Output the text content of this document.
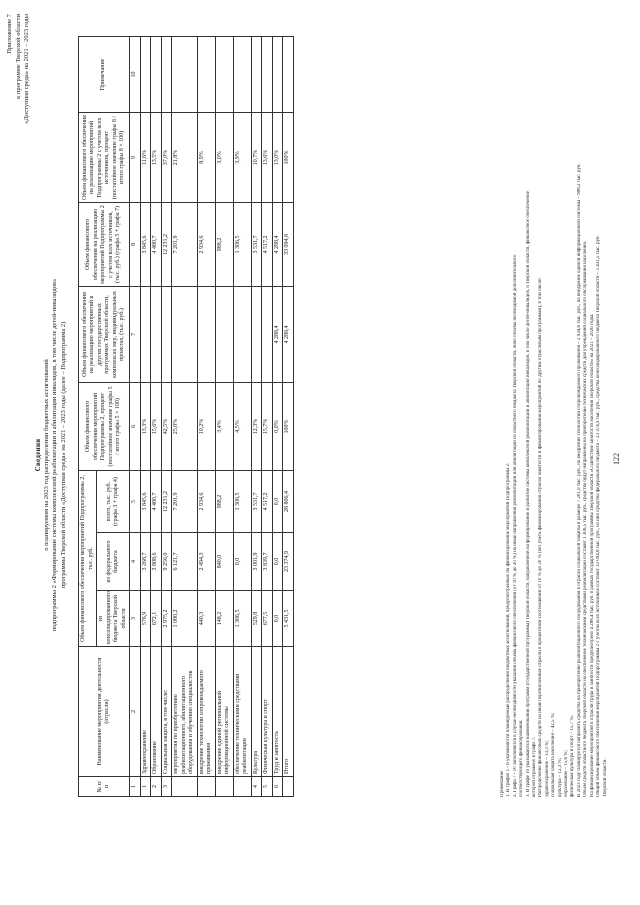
122
Приложение 7 к программе Тверской области «Доступная среда» на 2021 – 2023 годы
Сведения о планируемом на 2023 год распределении бюджетных ассигнований подпрограммы 2 «Формирование системы комплексной реабилитации и абилитации инвалидов, в том числе детей-инвалидов» программы Тверской области «Доступная среда» на 2021 – 2023 годы (далее – Подпрограмма 2)
№ п/п	Наименование мероприятия деятельности (отрасли)	Объем финансового обеспечения мероприятий Подпрограммы 2, тыс. руб.			Объем финансового обеспечения мероприятий Подпрограммы 2, процент (постатейное значение графы 5 / итого графы 5 × 100)	Объем финансового обеспечения на реализацию мероприятий в других государственных программах Тверской области, комплексах мер, индивидуальных проектах, (тыс. руб.)	Объем финансового обеспечения на реализацию мероприятий Подпрограммы 2 с учетом всех источников, (тыс. руб.) (графа 5 + графа 7)	Объем финансового обеспечения на реализацию мероприятий Подпрограммы 2 с учетом всех источников, процент (постатейное значение графы 8 / итого графы 8 × 100)	Примечание
		из консолидированного бюджета Тверской области	из федерального бюджета	всего, тыс. руб. (графа 3 + графа 4)					
1	2	3	4	5	6	7	8	9	10
1	Здравоохранение	576,9	3 268,7	3 845,6	13,3%		3 845,6	11,6%	
2	Образование	672,1	3 808,6	4 480,7	15,6%		4 480,7	13,5%	
3	Социальная защита, в том числе:	2 975,2	9 256,0	12 231,2	42,5%		12 231,2	37,0%	
	мероприятия по приобретению реабилитационного, абилитационного оборудования и обучению специалистов	1 080,2	6 121,7	7 201,9	25,0%		7 201,9	21,8%	
	внедрение технологии сопровождаемого проживания	440,3	2 494,3	2 934,6	10,2%		2 934,6	8,9%	
	внедрение единой региональной информационной системы	148,2	840,0	988,2	3,4%		988,2	3,0%	
	обеспечение техническими средствами реабилитации	1 306,5	0,0	1 306,5	4,5%		1 306,5	3,9%	
4	Культура	529,8	3 001,9	3 531,7	12,3%		3 531,7	10,7%	
5	Физическая культура и спорт	677,5	3 839,7	4 517,2	15,7%		4 517,2	13,6%	
6	Труд и занятость	0,0	0,0	0,0	0,0%	4 288,4	4 288,4	13,0%	
	Итого	5 431,5	23 374,9	28 806,4	100%	4 288,4	33 094,8	100%	

Примечание 1. В графах 1 - 6 указываются планируемые распределения бюджетных ассигнований, предусмотренных на финансирование мероприятий Подпрограммы 2. 2. Графа 7 - 10 заполняются в случае необходимости указания объема финансового обеспечения (от 10 % до 20 %) на иные направления реабилитации или абилитации из областного бюджета Тверской области, либо объема необходимой дополнительного соответствующего финансирования. 3. В графе 10 указываются наименования программ (государственной программы) Тверской области, направленной на формирование и развитие системы комплексной реабилитации и абилитации инвалидов, в том числе детей-инвалидов, в Тверской области, финансовое обеспечение которой отражено в графе 7. Распределение финансовых средств на иные перечисленные отрасли в процентном соотношении от 10 % до 20 % (без учета финансирования отрасли занятости и финансирования мероприятий по другим отраслевым программам), в том числе: здравоохранение – 13,3 %; социальная защита населения – 42,5 %; культура – 12,3 %; образование – 15,6 %; физическая культура и спорт – 15,7 %. В 2023 году планируется направить средства на приобретение реабилитационного оборудования в отрасли социальной защиты в размере 7 201,9 тыс. руб., на внедрение технологии сопровождаемого проживания – 2 934,6 тыс. руб., на внедрение единой информационной системы – 988,2 тыс. руб. Объем средств областного бюджета Тверской области на обеспечение техническими средствами реабилитации составит 1 306,5 тыс. руб., средства будут направлены на приобретение технических средств для учреждений социального обслуживания населения. На финансирование мероприятий в отрасли труда и занятости предусмотрено 4 288,4 тыс. руб. в рамках государственной программы Тверской области «Содействие занятости населения Тверской области» на 2021 – 2026 годы. Общий объем финансового обеспечения мероприятий Подпрограммы 2 с учетом всех источников составит 33 094,8 тыс. руб., из них средства федерального бюджета – 23 374,9 тыс. руб., средства консолидированного бюджета Тверской области – 5 431,5 тыс. руб. Тверской области.
